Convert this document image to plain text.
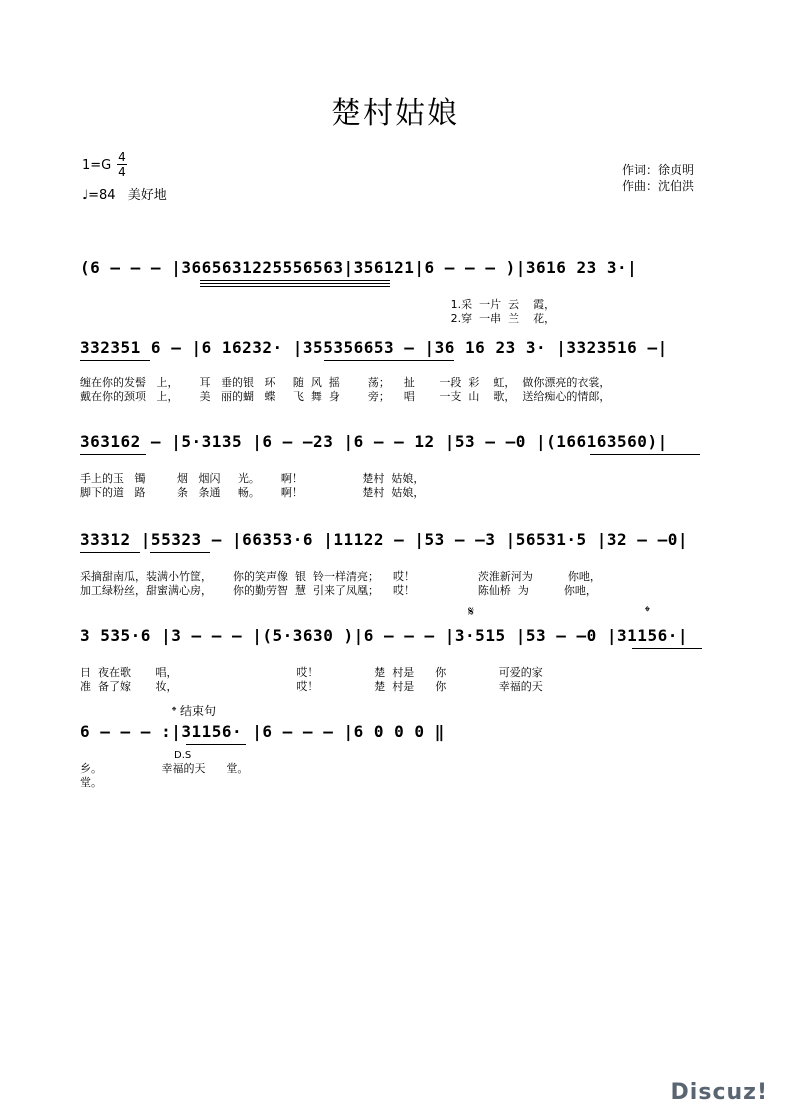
楚村姑娘
1=G
4
4
♩=84 美好地
作词：徐贞明
作曲：沈伯洪
(6 – – – |3665631225556563|356121|6 – – – )|3616 23 3·|
1.采  一片  云    霞，
2.穿  一串  兰    花，
332351 6 – |6 16232· |355356653 – |36 16 23 3· |3323516 –|
缠在你的发髻   上，      耳   垂的银   环     随  风  摇        荡；    扯       一段  彩    虹，  做你漂亮的衣裳，
戴在你的颈项   上，      美   丽的蝴   蝶     飞  舞  身        旁；    唱       一支  山    歌，  送给痴心的情郎，
363162 – |5·3135 |6 – –23 |6 – – 12 |53 – –0 |(166163560)|
手上的玉   镯         烟   烟闪     光。      啊！                 楚村  姑娘，
脚下的道   路         条   条通     畅。      啊！                 楚村  姑娘，
33312 |55323 – |66353·6 |11122 – |53 – –3 |56531·5 |32 – –0|
采摘甜南瓜，装满小竹筐，      你的笑声像  银  铃一样清亮；    哎！                  茨淮新河为          你吔，
加工绿粉丝，甜蜜满心房，      你的勤劳智  慧  引来了凤凰；    哎！                  陈仙桥  为          你吔，
𝄋	𝄌
3 535·6 |3 – – – |(5·3630 )|6 – – – |3·515 |53 – –0 |31156·|
日  夜在歌       唱，                                  哎！                楚  村是      你               可爱的家
准  备了嫁       妆，                                  哎！                楚  村是      你               幸福的天
𝄌 结束句
6 – – – :|31156· |6 – – – |6 0 0 0 ‖
D.S
乡。                 幸福的天      堂。
堂。
Discuz!
